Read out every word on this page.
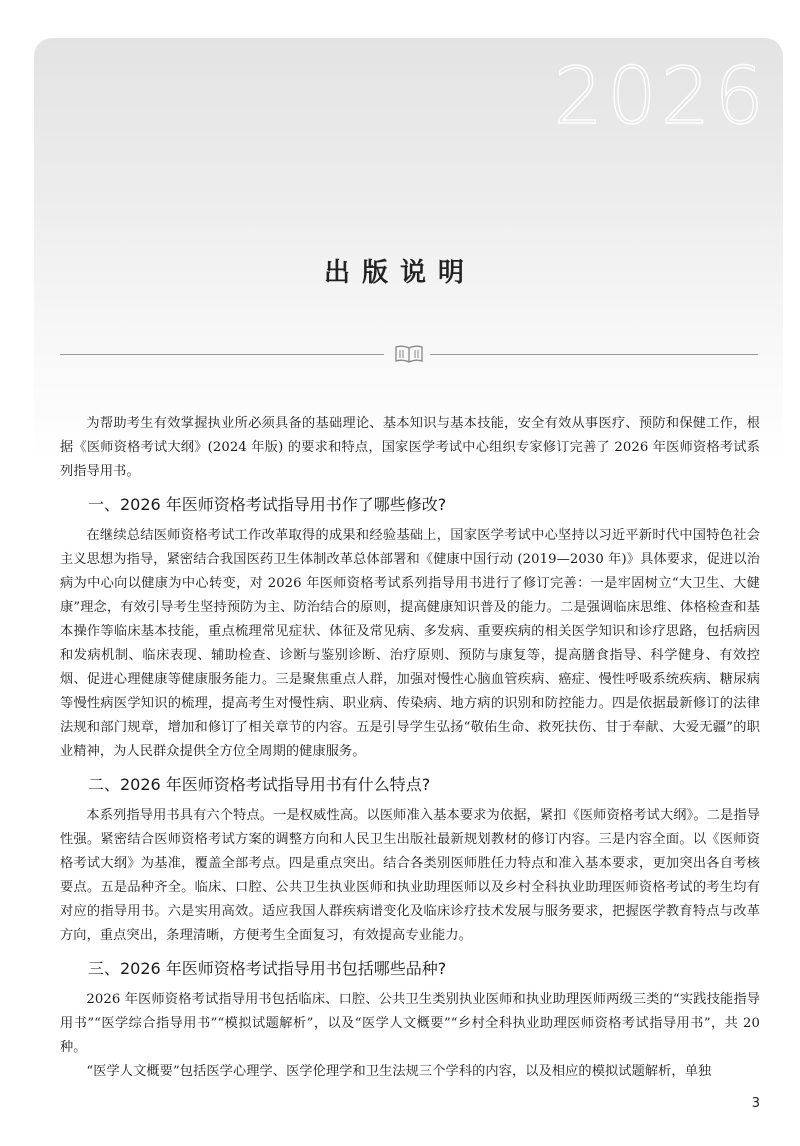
2026
出版说明

为帮助考生有效掌握执业所必须具备的基础理论、基本知识与基本技能，安全有效从事医疗、预防和保健工作，根据《医师资格考试大纲》(2024 年版) 的要求和特点，国家医学考试中心组织专家修订完善了 2026 年医师资格考试系列指导用书。

一、2026 年医师资格考试指导用书作了哪些修改?

在继续总结医师资格考试工作改革取得的成果和经验基础上，国家医学考试中心坚持以习近平新时代中国特色社会主义思想为指导，紧密结合我国医药卫生体制改革总体部署和《健康中国行动 (2019—2030 年)》具体要求，促进以治病为中心向以健康为中心转变，对 2026 年医师资格考试系列指导用书进行了修订完善：一是牢固树立“大卫生、大健康”理念，有效引导考生坚持预防为主、防治结合的原则，提高健康知识普及的能力。二是强调临床思维、体格检查和基本操作等临床基本技能，重点梳理常见症状、体征及常见病、多发病、重要疾病的相关医学知识和诊疗思路，包括病因和发病机制、临床表现、辅助检查、诊断与鉴别诊断、治疗原则、预防与康复等，提高膳食指导、科学健身、有效控烟、促进心理健康等健康服务能力。三是聚焦重点人群，加强对慢性心脑血管疾病、癌症、慢性呼吸系统疾病、糖尿病等慢性病医学知识的梳理，提高考生对慢性病、职业病、传染病、地方病的识别和防控能力。四是依据最新修订的法律法规和部门规章，增加和修订了相关章节的内容。五是引导学生弘扬“敬佑生命、救死扶伤、甘于奉献、大爱无疆”的职业精神，为人民群众提供全方位全周期的健康服务。

二、2026 年医师资格考试指导用书有什么特点?

本系列指导用书具有六个特点。一是权威性高。以医师准入基本要求为依据，紧扣《医师资格考试大纲》。二是指导性强。紧密结合医师资格考试方案的调整方向和人民卫生出版社最新规划教材的修订内容。三是内容全面。以《医师资格考试大纲》为基准，覆盖全部考点。四是重点突出。结合各类别医师胜任力特点和准入基本要求，更加突出各自考核要点。五是品种齐全。临床、口腔、公共卫生执业医师和执业助理医师以及乡村全科执业助理医师资格考试的考生均有对应的指导用书。六是实用高效。适应我国人群疾病谱变化及临床诊疗技术发展与服务要求，把握医学教育特点与改革方向，重点突出，条理清晰，方便考生全面复习，有效提高专业能力。

三、2026 年医师资格考试指导用书包括哪些品种?

2026 年医师资格考试指导用书包括临床、口腔、公共卫生类别执业医师和执业助理医师两级三类的“实践技能指导用书”“医学综合指导用书”“模拟试题解析”，以及“医学人文概要”“乡村全科执业助理医师资格考试指导用书”，共 20 种。

“医学人文概要”包括医学心理学、医学伦理学和卫生法规三个学科的内容，以及相应的模拟试题解析，单独

3
